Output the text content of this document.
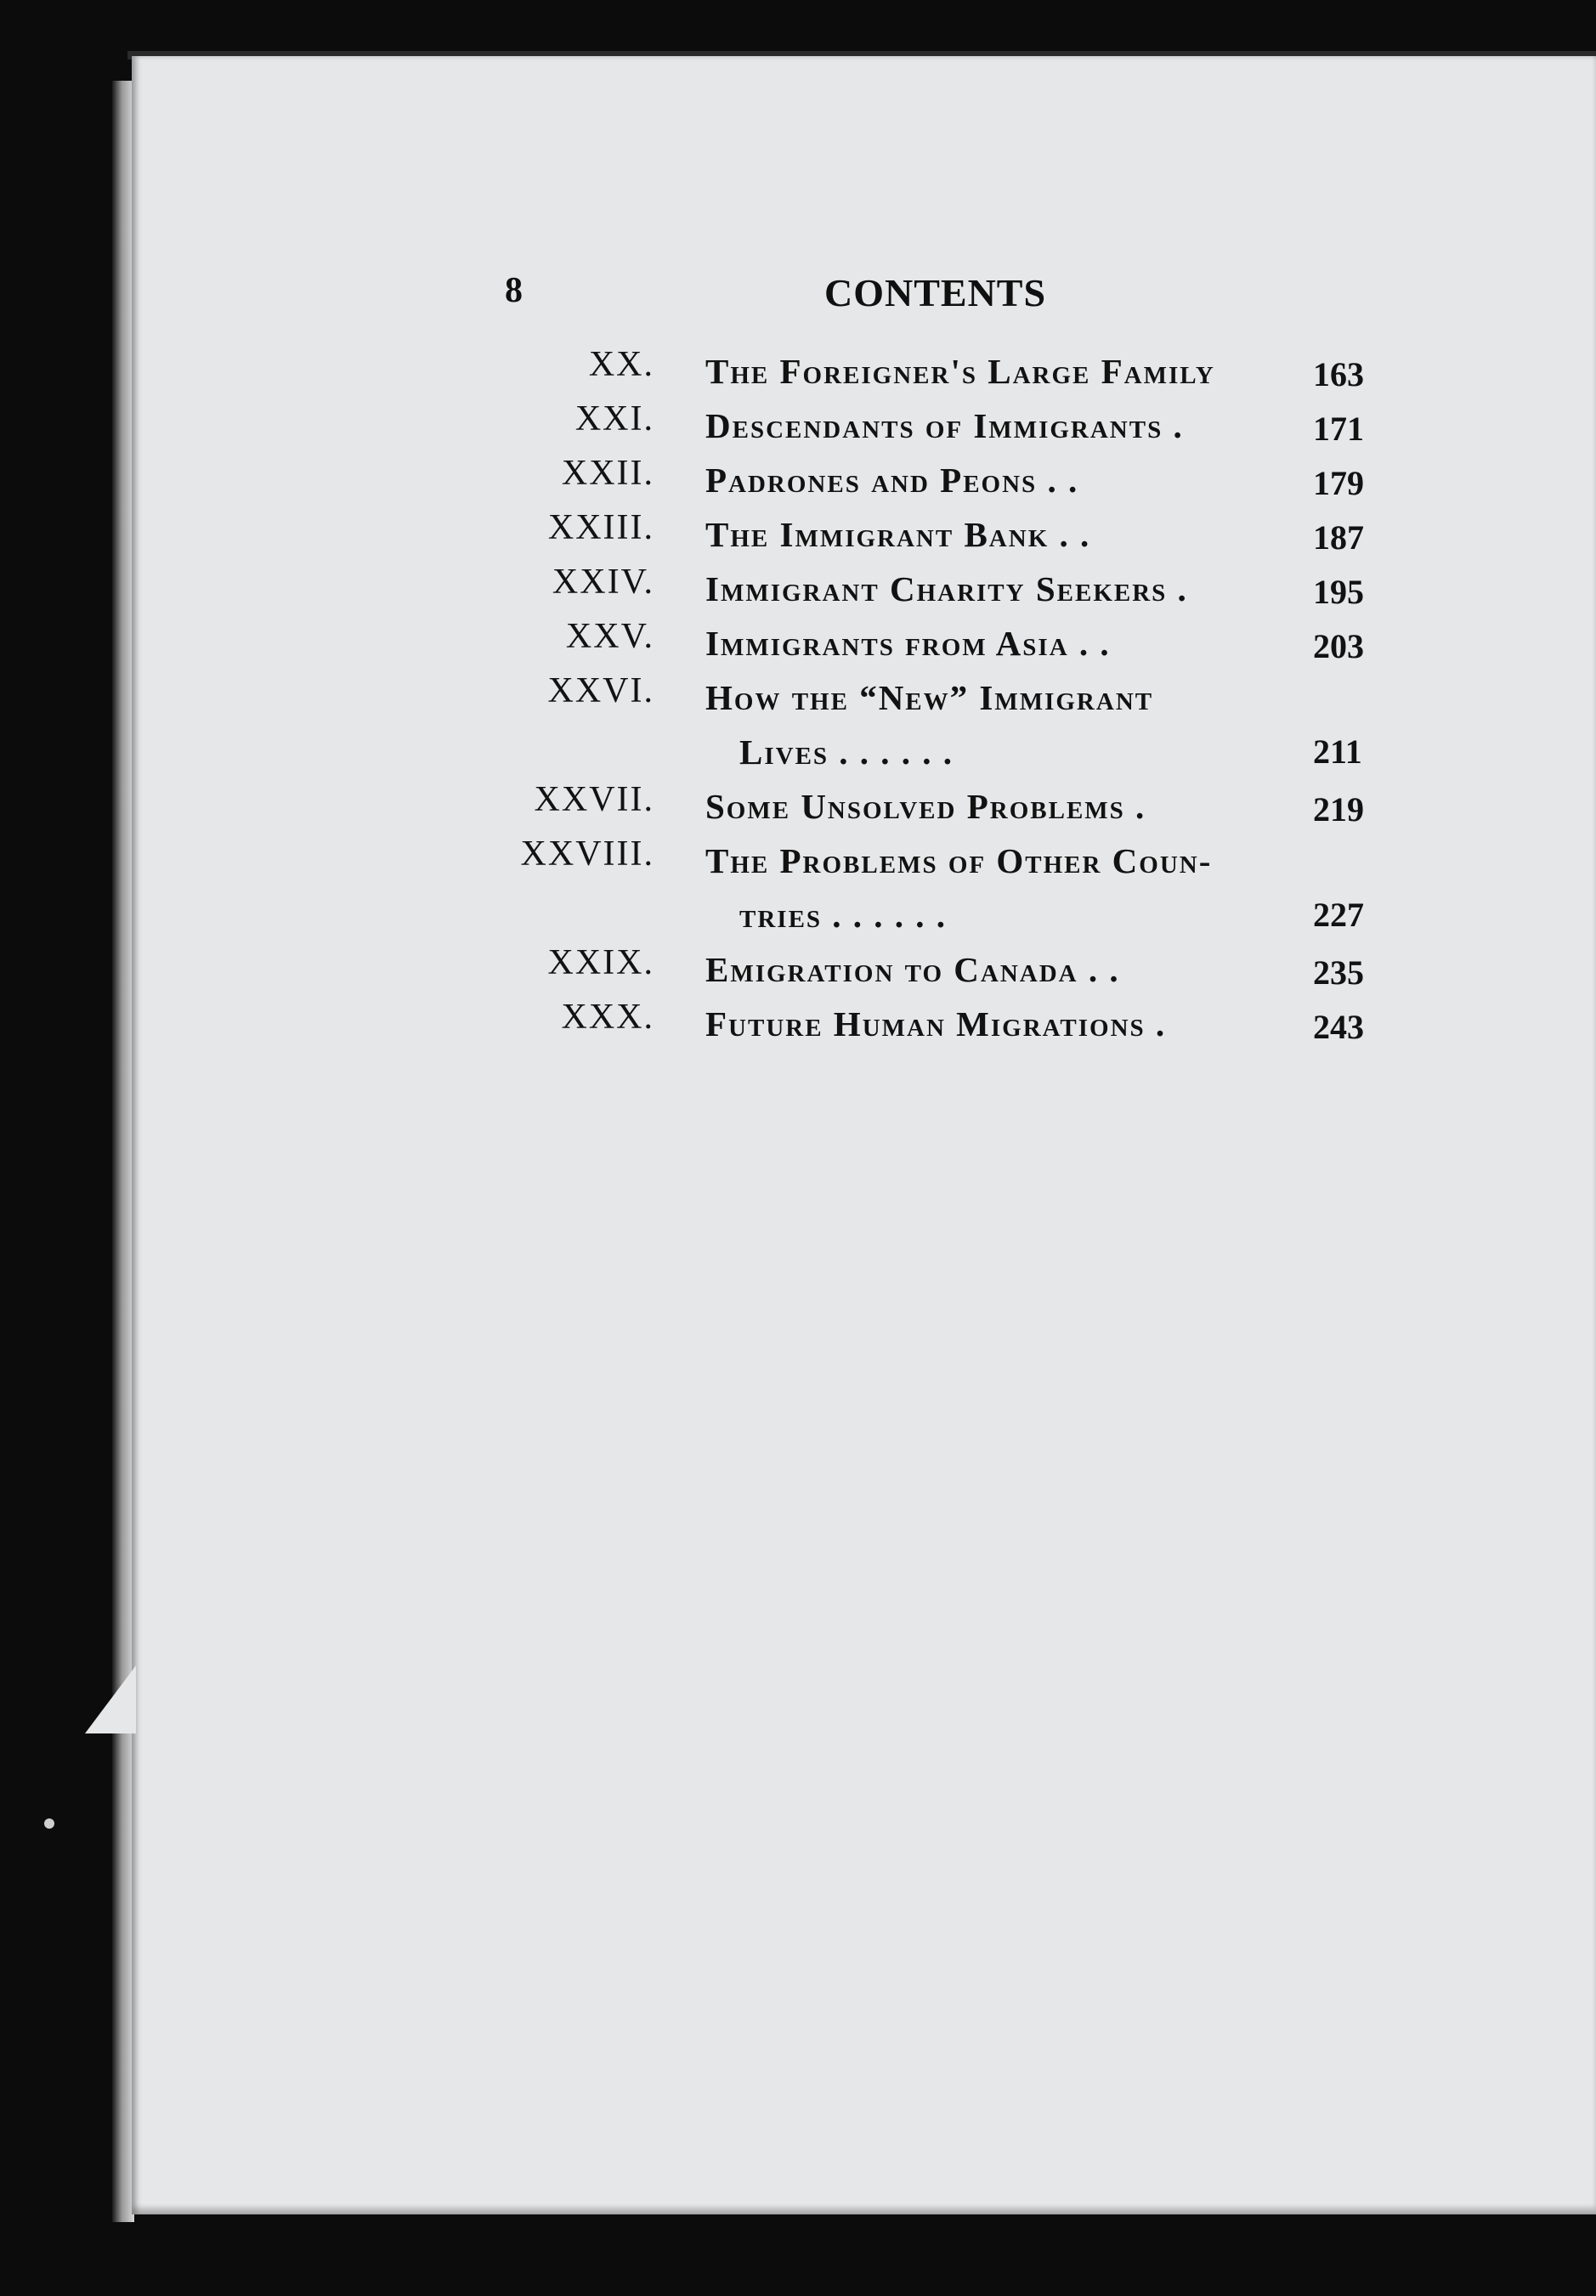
8	CONTENTS
XX.	The Foreigner's Large Family	163
XXI.	Descendants of Immigrants .	171
XXII.	Padrones and Peons . .	179
XXIII.	The Immigrant Bank . .	187
XXIV.	Immigrant Charity Seekers .	195
XXV.	Immigrants from Asia . .	203
XXVI.	How the “New” Immigrant
Lives . . . . . .	211
XXVII.	Some Unsolved Problems .	219
XXVIII.	The Problems of Other Coun-
tries . . . . . .	227
XXIX.	Emigration to Canada . .	235
XXX.	Future Human Migrations .	243
